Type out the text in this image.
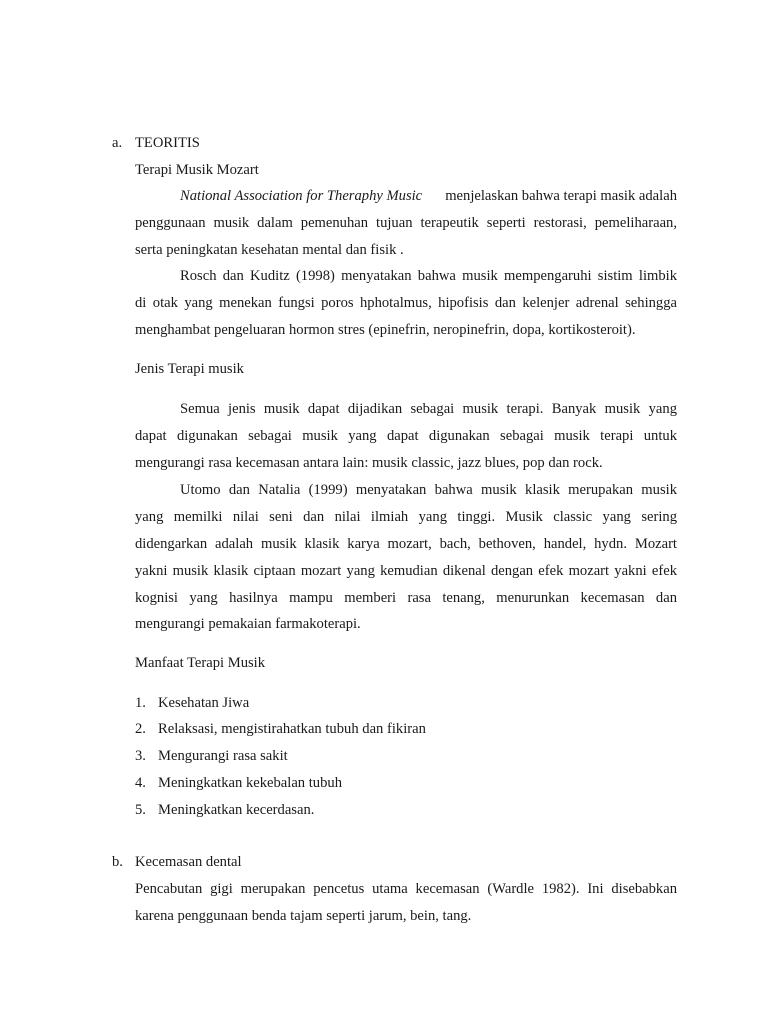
a. TEORITIS
Terapi Musik Mozart
National Association for Theraphy Music menjelaskan bahwa terapi masik adalah
penggunaan musik dalam pemenuhan tujuan terapeutik seperti restorasi, pemeliharaan,
serta peningkatan kesehatan mental dan fisik .
Rosch dan Kuditz (1998) menyatakan bahwa musik mempengaruhi sistim limbik
di otak yang menekan fungsi poros hphotalmus, hipofisis dan kelenjer adrenal sehingga
menghambat pengeluaran hormon stres (epinefrin, neropinefrin, dopa, kortikosteroit).
Jenis Terapi musik
Semua jenis musik dapat dijadikan sebagai musik terapi. Banyak musik yang
dapat digunakan sebagai musik yang dapat digunakan sebagai musik terapi untuk
mengurangi rasa kecemasan antara lain: musik classic, jazz blues, pop dan rock.
Utomo dan Natalia (1999) menyatakan bahwa musik klasik merupakan musik
yang memilki nilai seni dan nilai ilmiah yang tinggi. Musik classic yang sering
didengarkan adalah musik klasik karya mozart, bach, bethoven, handel, hydn. Mozart
yakni musik klasik ciptaan mozart yang kemudian dikenal dengan efek mozart yakni efek
kognisi yang hasilnya mampu memberi rasa tenang, menurunkan kecemasan dan
mengurangi pemakaian farmakoterapi.
Manfaat Terapi Musik
1. Kesehatan Jiwa
2. Relaksasi, mengistirahatkan tubuh dan fikiran
3. Mengurangi rasa sakit
4. Meningkatkan kekebalan tubuh
5. Meningkatkan kecerdasan.
b. Kecemasan dental
Pencabutan gigi merupakan pencetus utama kecemasan (Wardle 1982). Ini disebabkan
karena penggunaan benda tajam seperti jarum, bein, tang.
